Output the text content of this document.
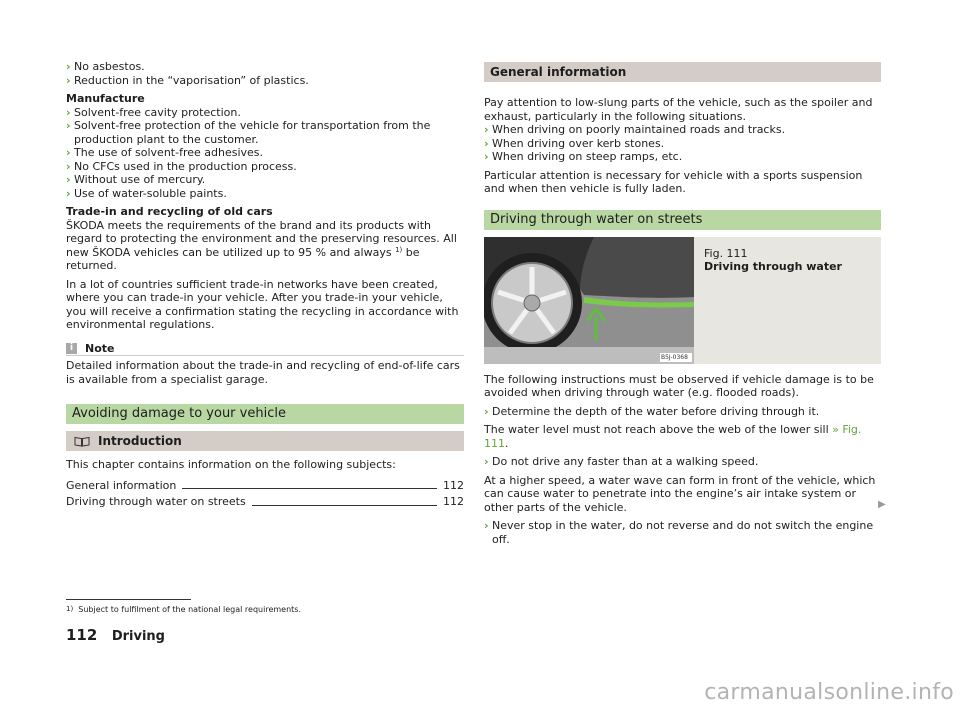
› No asbestos.
› Reduction in the “vaporisation” of plastics.

Manufacture

› Solvent-free cavity protection.
› Solvent-free protection of the vehicle for transportation from the production plant to the customer.
› The use of solvent-free adhesives.
› No CFCs used in the production process.
› Without use of mercury.
› Use of water-soluble paints.

Trade-in and recycling of old cars

ŠKODA meets the requirements of the brand and its products with regard to protecting the environment and the preserving resources. All new ŠKODA vehicles can be utilized up to 95 % and always $^{1)}$ be returned.

In a lot of countries sufficient trade-in networks have been created, where you can trade-in your vehicle. After you trade-in your vehicle, you will receive a confirmation stating the recycling in accordance with environmental regulations.

i	Note

Detailed information about the trade-in and recycling of end-of-life cars is available from a specialist garage.

Avoiding damage to your vehicle
Introduction

This chapter contains information on the following subjects:

General information	112
Driving through water on streets	112
General information

Pay attention to low-slung parts of the vehicle, such as the spoiler and exhaust, particularly in the following situations.

› When driving on poorly maintained roads and tracks.
› When driving over kerb stones.
› When driving on steep ramps, etc.

Particular attention is necessary for vehicle with a sports suspension and when then vehicle is fully laden.

Driving through water on streets
B5J-0368
Fig. 111
Driving through water

The following instructions must be observed if vehicle damage is to be avoided when driving through water (e.g. flooded roads).

› Determine the depth of the water before driving through it.

The water level must not reach above the web of the lower sill » Fig. 111.

› Do not drive any faster than at a walking speed.

At a higher speed, a water wave can form in front of the vehicle, which can cause water to penetrate into the engine’s air intake system or other parts of the vehicle.

› Never stop in the water, do not reverse and do not switch the engine off.
▶
1) Subject to fulfilment of the national legal requirements.
112 Driving
carmanualsonline.info
